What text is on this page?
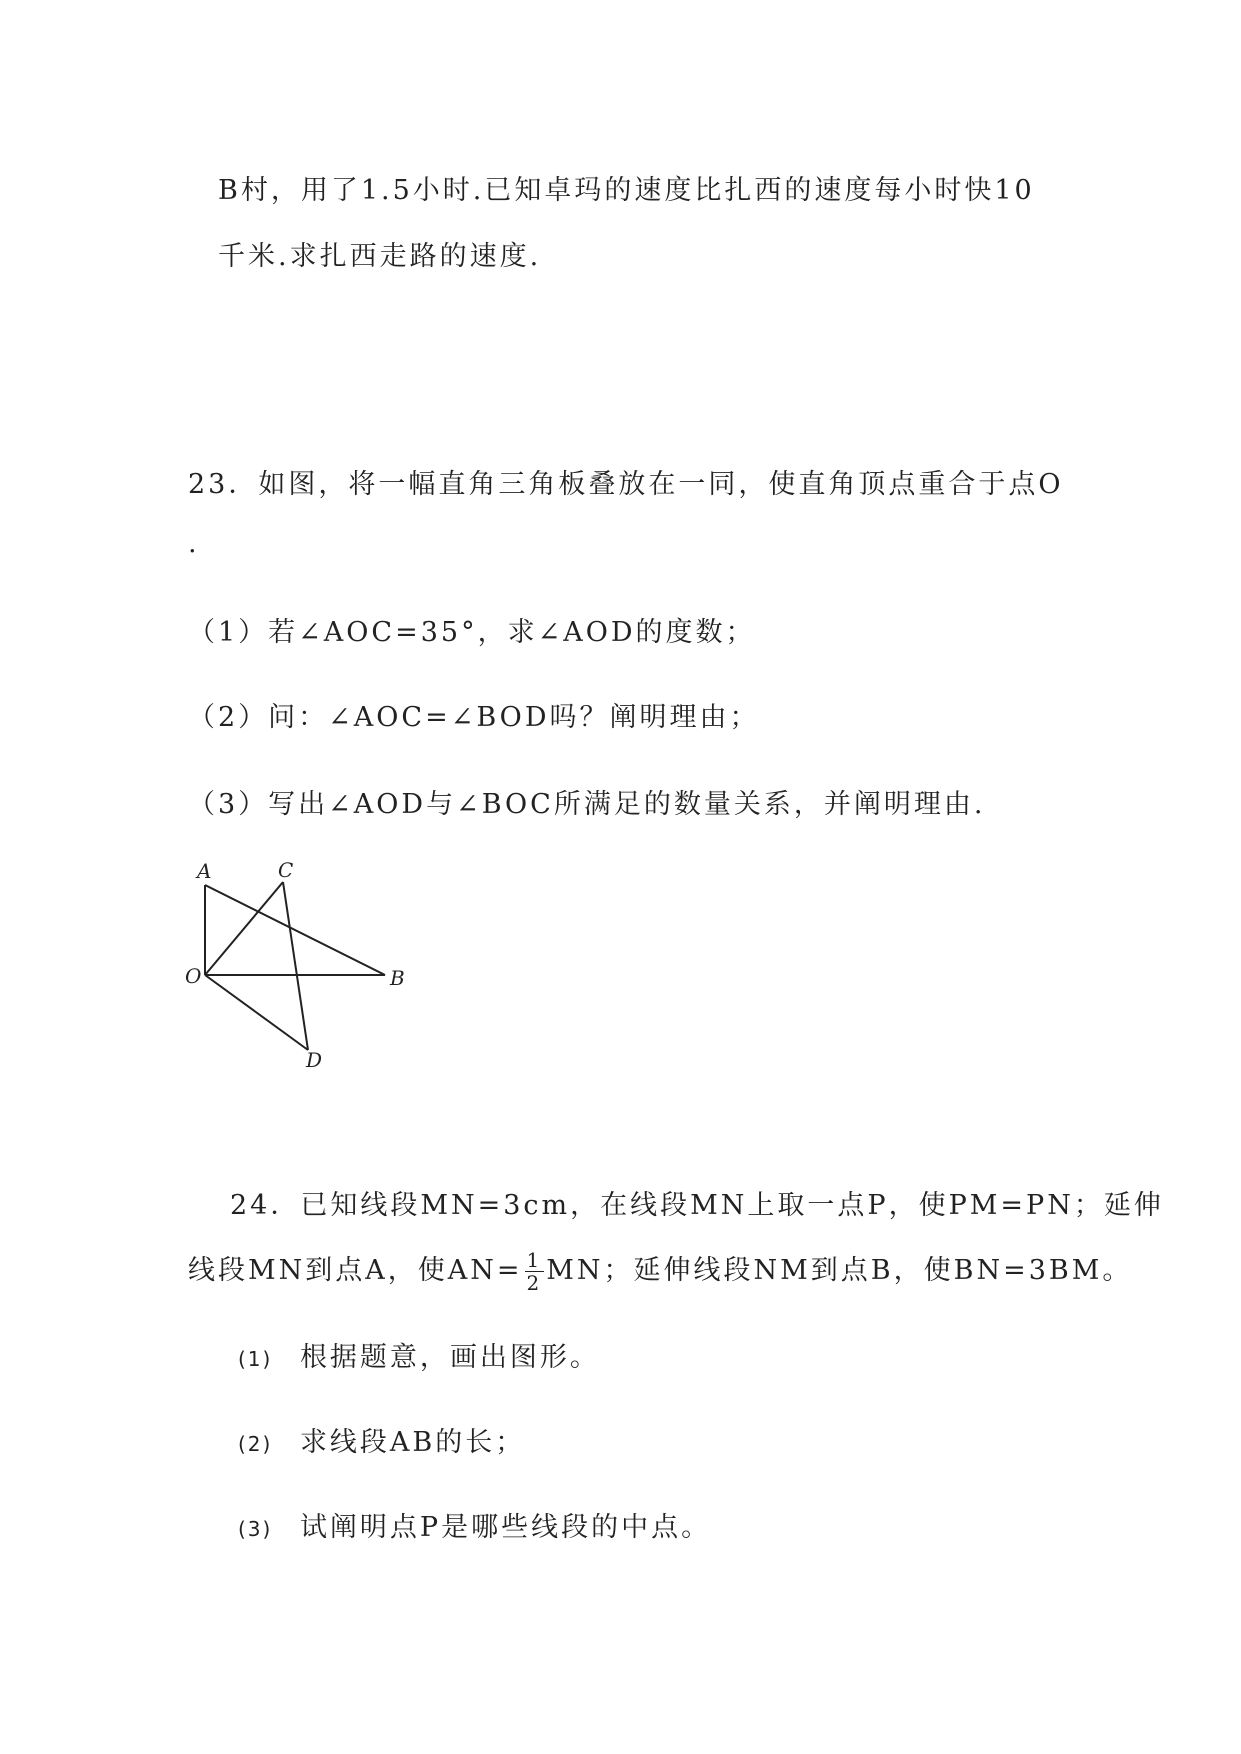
B村，用了1.5小时.已知卓玛的速度比扎西的速度每小时快10
千米.求扎西走路的速度.
23．如图，将一幅直角三角板叠放在一同，使直角顶点重合于点O
.
（1）若∠AOC=35°，求∠AOD的度数；
（2）问：∠AOC=∠BOD吗？阐明理由；
（3）写出∠AOD与∠BOC所满足的数量关系，并阐明理由.
A	C
O	B
D
24．已知线段MN=3cm，在线段MN上取一点P，使PM=PN；延伸
线段MN到点A，使$AN= \frac{1}{2}$ MN；延伸线段NM到点B，使BN=3BM。
(1) 根据题意，画出图形。
(2) 求线段AB的长；
(3) 试阐明点P是哪些线段的中点。
